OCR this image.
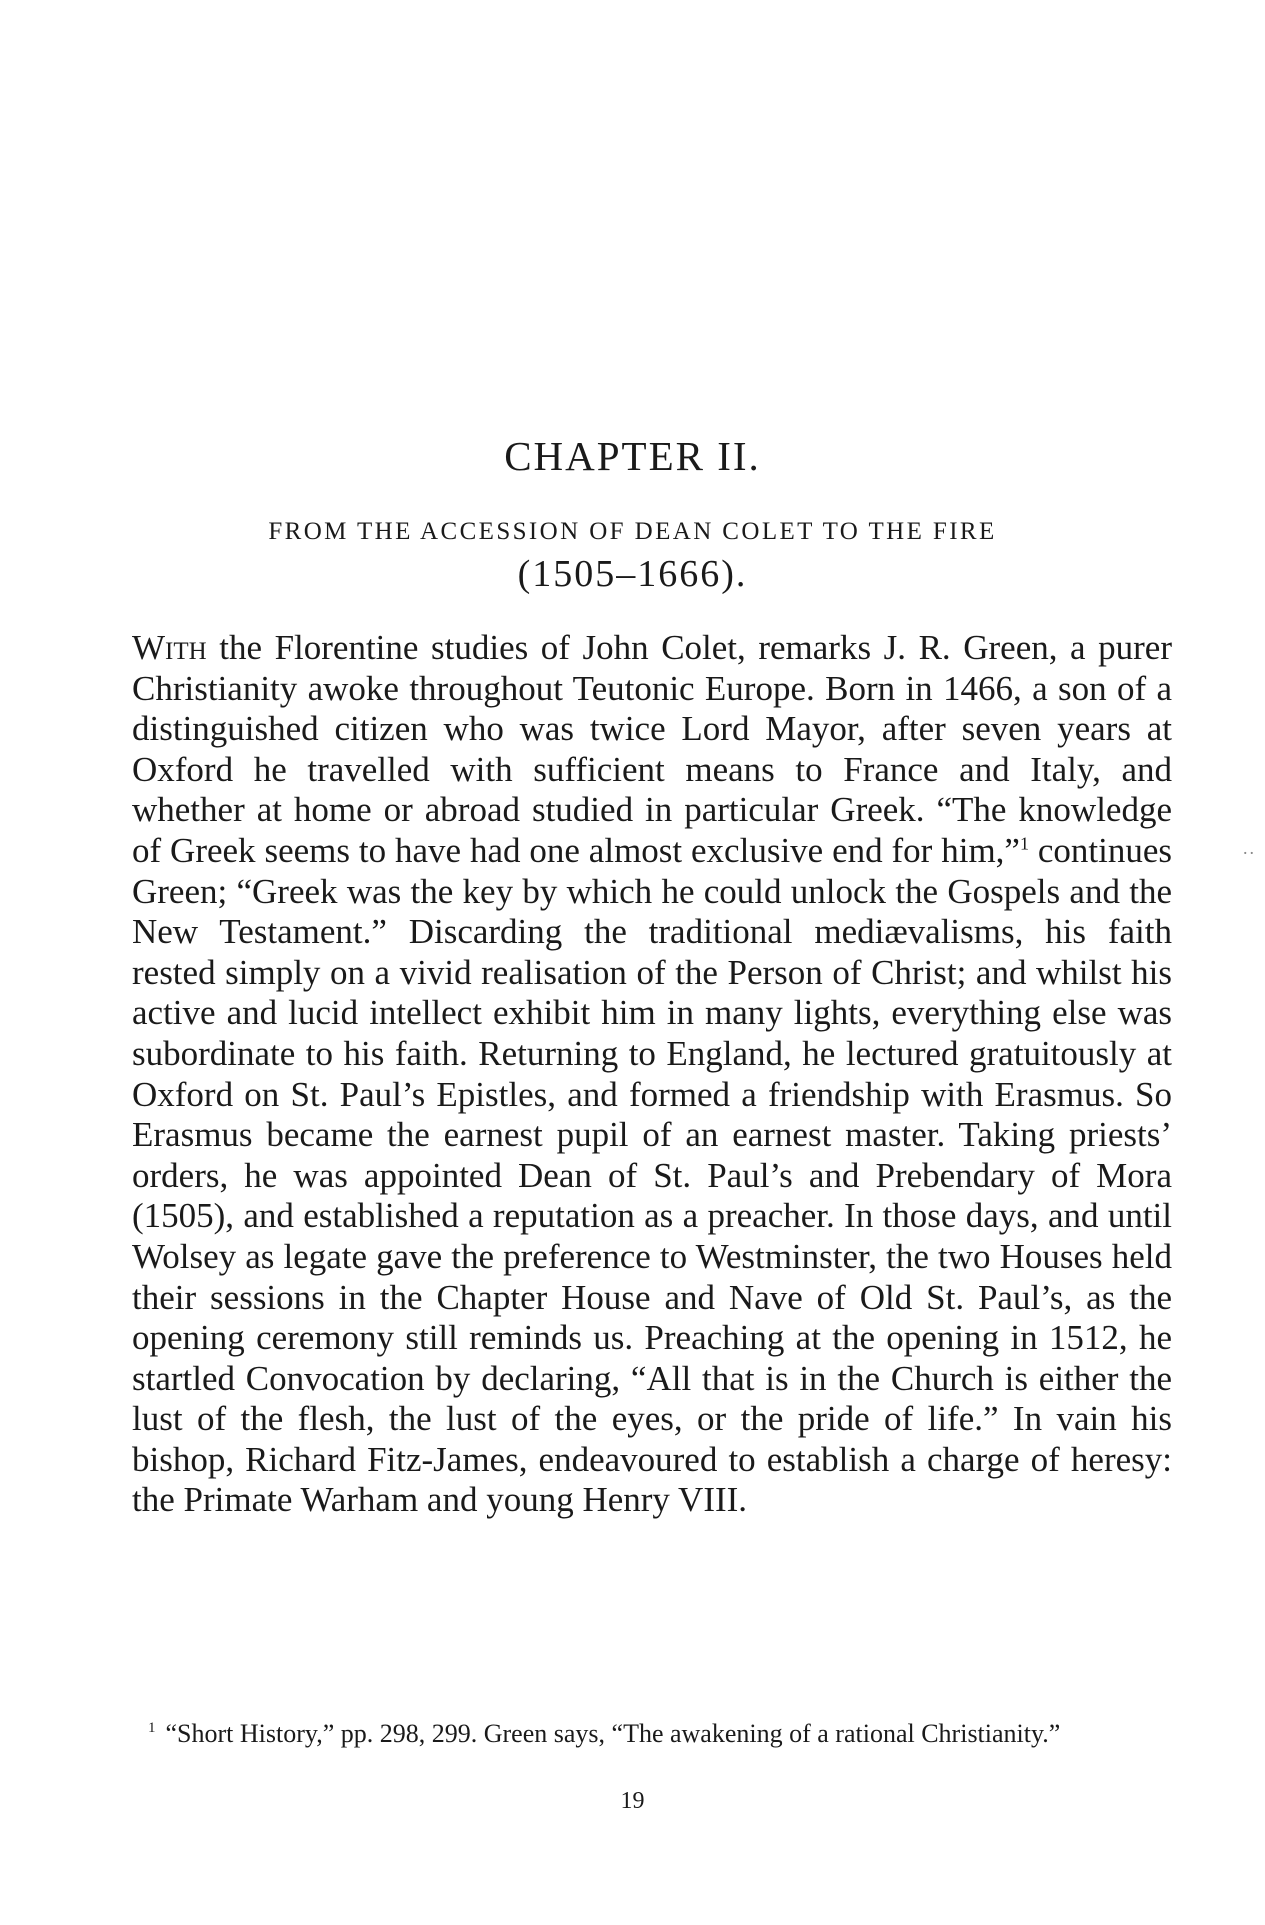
CHAPTER II.
FROM THE ACCESSION OF DEAN COLET TO THE FIRE
(1505–1666).

With the Florentine studies of John Colet, remarks J. R. Green, a purer Christianity awoke throughout Teutonic Europe. Born in 1466, a son of a distinguished citizen who was twice Lord Mayor, after seven years at Oxford he travelled with sufficient means to France and Italy, and whether at home or abroad studied in particular Greek. “The knowledge of Greek seems to have had one almost exclusive end for him,”$^1$ continues Green; “Greek was the key by which he could unlock the Gospels and the New Testament.” Discarding the traditional mediævalisms, his faith rested simply on a vivid realisation of the Person of Christ; and whilst his active and lucid intellect exhibit him in many lights, everything else was subordinate to his faith. Returning to England, he lectured gratuitously at Oxford on St. Paul’s Epistles, and formed a friendship with Erasmus. So Erasmus became the earnest pupil of an earnest master. Taking priests’ orders, he was appointed Dean of St. Paul’s and Prebendary of Mora (1505), and established a reputation as a preacher. In those days, and until Wolsey as legate gave the preference to Westminster, the two Houses held their sessions in the Chapter House and Nave of Old St. Paul’s, as the opening ceremony still reminds us. Preaching at the opening in 1512, he startled Convocation by declaring, “All that is in the Church is either the lust of the flesh, the lust of the eyes, or the pride of life.” In vain his bishop, Richard Fitz-James, endeavoured to establish a charge of heresy: the Primate Warham and young Henry VIII.

..

$^1$ “Short History,” pp. 298, 299. Green says, “The awakening of a rational Christianity.”

19
